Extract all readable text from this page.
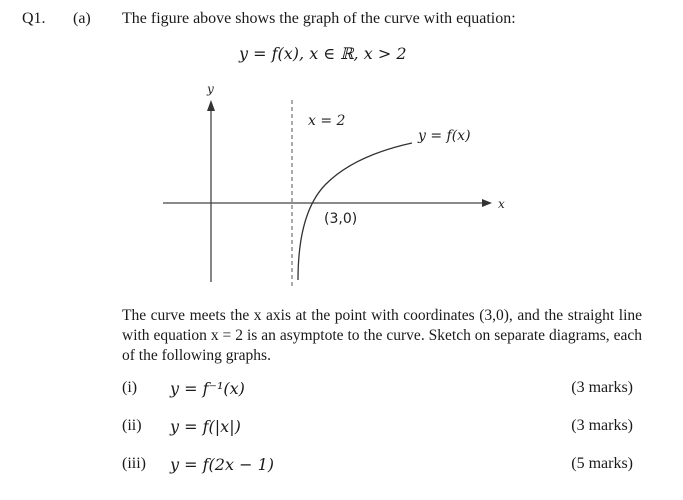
Q1. (a) The figure above shows the graph of the curve with equation:
y = f(x), x ∈ ℝ, x > 2
y
x
x = 2
y = f(x)
(3,0)
The curve meets the x axis at the point with coordinates (3,0), and the straight line with equation x = 2 is an asymptote to the curve. Sketch on separate diagrams, each of the following graphs.
(i) y = f⁻¹(x)	(3 marks)
(ii) y = f(|x|)	(3 marks)
(iii) y = f(2x − 1)	(5 marks)
